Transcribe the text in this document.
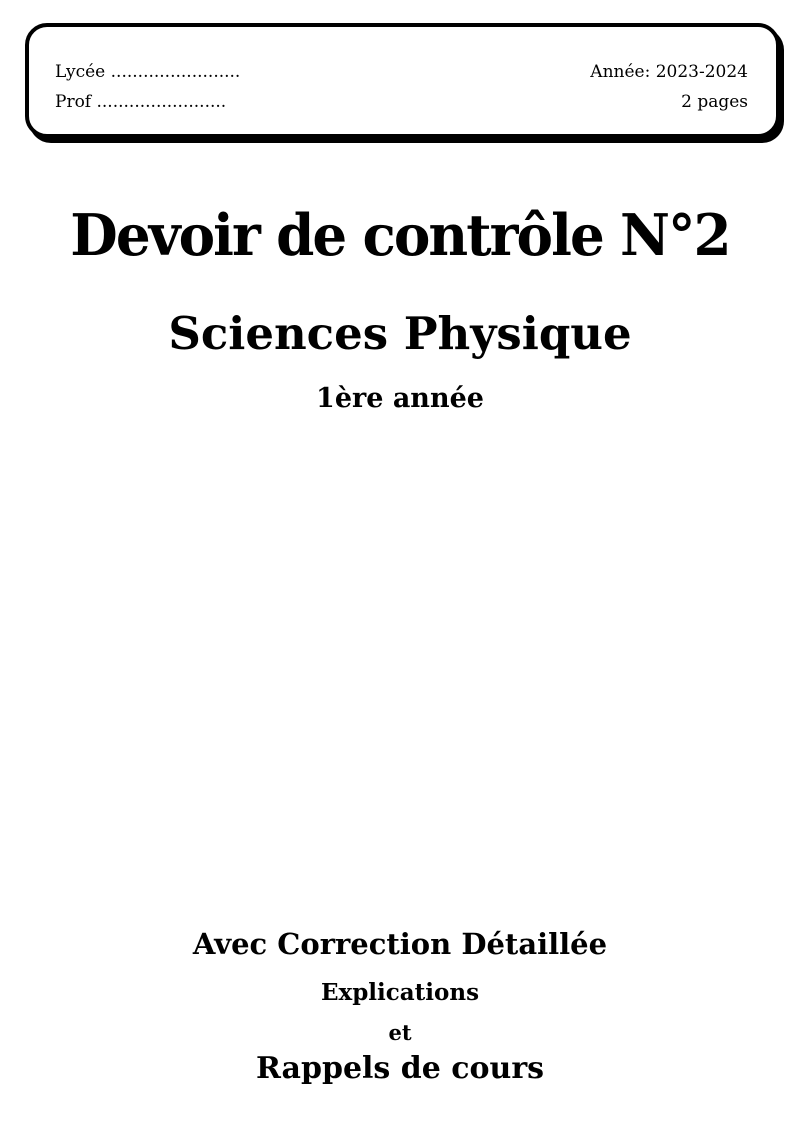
Lycée ........................
Prof ........................
Année: 2023-2024
2 pages
Devoir de contrôle N°2
Sciences Physique
1ère année
Avec Correction Détaillée
Explications
et
Rappels de cours
